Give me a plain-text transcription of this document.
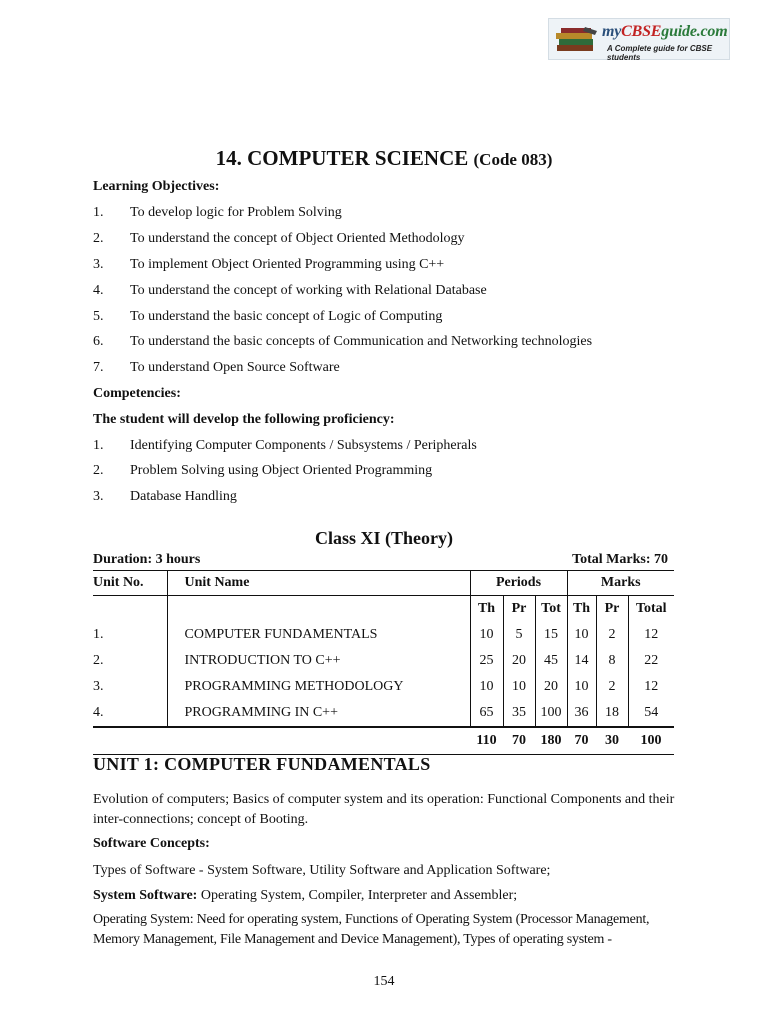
myCBSEguide.com
A Complete guide for CBSE students
14. COMPUTER SCIENCE (Code 083)
Learning Objectives:
1. To develop logic for Problem Solving
2. To understand the concept of Object Oriented Methodology
3. To implement Object Oriented Programming using C++
4. To understand the concept of working with Relational Database
5. To understand the basic concept of Logic of Computing
6. To understand the basic concepts of Communication and Networking technologies
7. To understand Open Source Software
Competencies:
The student will develop the following proficiency:
1. Identifying Computer Components / Subsystems / Peripherals
2. Problem Solving using Object Oriented Programming
3. Database Handling
Class XI (Theory)
Duration: 3 hours	Total Marks: 70
Unit No.	Unit Name	Periods			Marks		
		Th	Pr	Tot	Th	Pr	Total
1.	COMPUTER FUNDAMENTALS	10	5	15	10	2	12
2.	INTRODUCTION TO C++	25	20	45	14	8	22
3.	PROGRAMMING METHODOLOGY	10	10	20	10	2	12
4.	PROGRAMMING IN C++	65	35	100	36	18	54
		110	70	180	70	30	100
UNIT 1: COMPUTER FUNDAMENTALS
Evolution of computers; Basics of computer system and its operation: Functional Components and their inter-connections; concept of Booting.
Software Concepts:
Types of Software - System Software, Utility Software and Application Software;
System Software: Operating System, Compiler, Interpreter and Assembler;
Operating System: Need for operating system, Functions of Operating System (Processor Management, Memory Management, File Management and Device Management), Types of operating system -
154
